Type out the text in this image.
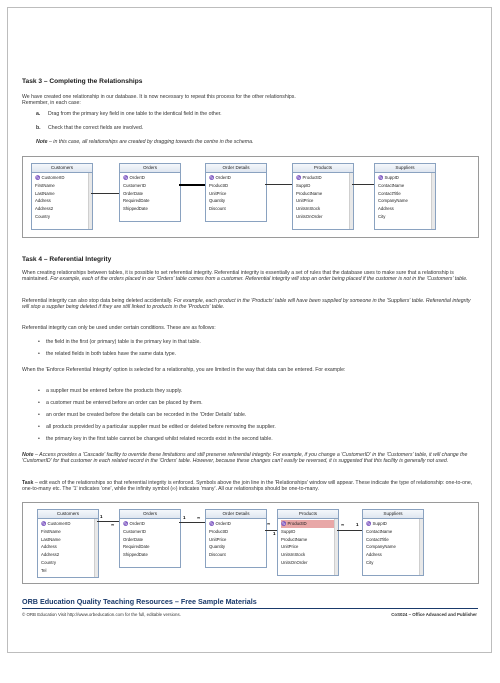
Task 3 – Completing the Relationships
We have created one relationship in our database. It is now necessary to repeat this process for the other relationships.
Remember, in each case:
a. Drag from the primary key field in one table to the identical field in the other.
b. Check that the correct fields are involved.
Note – in this case, all relationships are created by dragging towards the centre in the schema.
Customers
♑ CustomerID
FirstName
LastName
Address
Address2
Country
Orders
♑ OrderID
CustomerID
OrderDate
RequiredDate
ShippedDate
Order Details
♑ OrderID
ProductID
UnitPrice
Quantity
Discount
Products
♑ ProductID
SuppID
ProductName
UnitPrice
UnitsInStock
UnitsOnOrder
Suppliers
♑ SuppID
ContactName
ContactTitle
CompanyName
Address
City
Task 4 – Referential Integrity
When creating relationships between tables, it is possible to set referential integrity. Referential integrity is essentially a set of rules that the database uses to make sure that a relationship is maintained. For example, each of the orders placed in our 'Orders' table comes from a customer. Referential integrity will stop an order being placed if the customer is not in the 'Customers' table.
Referential integrity can also stop data being deleted accidentally. For example, each product in the 'Products' table will have been supplied by someone in the 'Suppliers' table. Referential integrity will stop a supplier being deleted if they are still linked to products in the 'Products' table.
Referential integrity can only be used under certain conditions. These are as follows:
• the field in the first (or primary) table is the primary key in that table.
• the related fields in both tables have the same data type.
When the 'Enforce Referential Integrity' option is selected for a relationship, you are limited in the way that data can be entered. For example:
• a supplier must be entered before the products they supply.
• a customer must be entered before an order can be placed by them.
• an order must be created before the details can be recorded in the 'Order Details' table.
• all products provided by a particular supplier must be edited or deleted before removing the supplier.
• the primary key in the first table cannot be changed whilst related records exist in the second table.
Note – Access provides a 'Cascade' facility to override these limitations and still preserve referential integrity. For example, if you change a 'CustomerID' in the 'Customers' table, it will change the 'CustomerID' for that customer in each related record in the 'Orders' table. However, because these changes can't easily be reversed, it is suggested that this facility is generally not used.
Task – edit each of the relationships so that referential integrity is enforced. Symbols above the join line in the 'Relationships' window will appear. These indicate the type of relationship: one-to-one, one-to-many etc. The '1' indicates 'one', while the infinity symbol (∞) indicates 'many'. All our relationships should be one-to-many.
Customers
♑ CustomerID
FirstName
LastName
Address
Address2
Country
Tel
Orders
♑ OrderID
CustomerID
OrderDate
RequiredDate
ShippedDate
Order Details
♑ OrderID
ProductID
UnitPrice
Quantity
Discount
Products
♑ ProductID
SuppID
ProductName
UnitPrice
UnitsInStock
UnitsOnOrder
Suppliers
♑ SuppID
ContactName
ContactTitle
CompanyName
Address
City
1
∞
1	∞
∞
1
∞	1
ORB Education Quality Teaching Resources – Free Sample Materials
© ORB Education Visit http://www.orbeducation.com for the full, editable versions.	CoS024 – Office Advanced and Publisher
